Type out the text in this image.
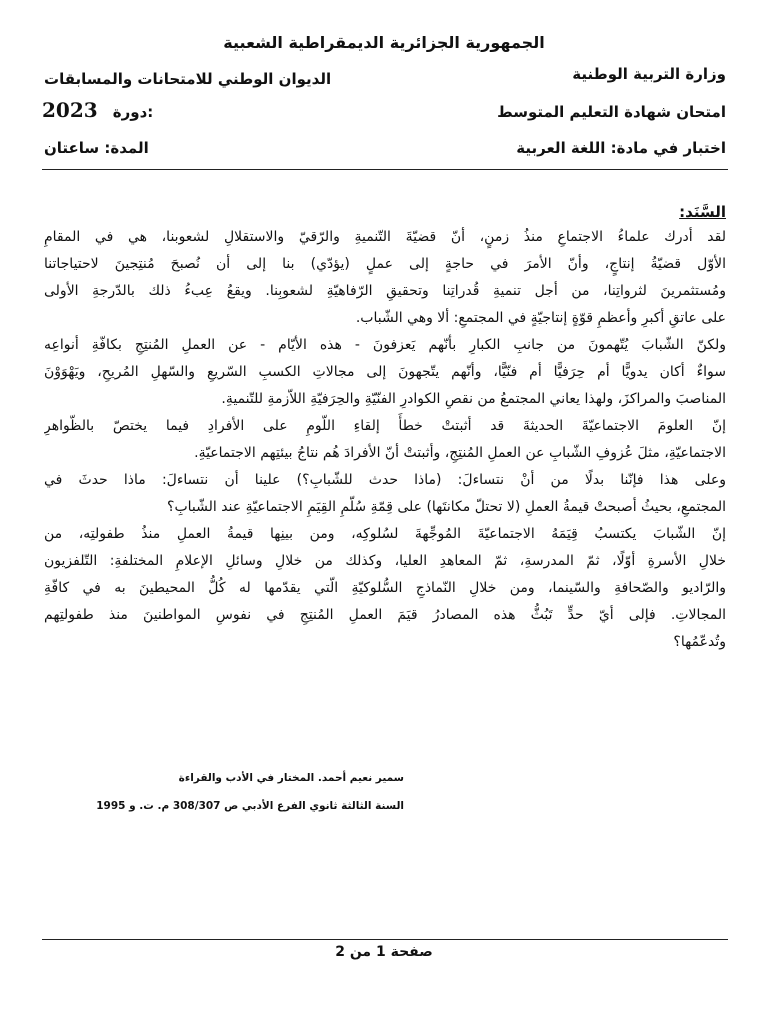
الجمهورية الجزائرية الديمقراطية الشعبية
وزارة التربية الوطنية
الديوان الوطني للامتحانات والمسابقات
امتحان شهادة التعليم المتوسط
2023 دورة:
اختبار في مادة: اللغة العربية
المدة: ساعتان
السَّنَد:
لقد أدرك علماءُ الاجتماعِ منذُ زمنٍ، أنّ قضيّةَ التّنميةِ والرّقيّ والاستقلالِ لشعوبنا، هي في المقامِ
الأوّل قضيّةُ إنتاجٍ، وأنّ الأمرَ في حاجةٍ إلى عملٍ (يؤدّي) بنا إلى أن نُصبحَ مُنتِجينَ لاحتياجاتنا
ومُستثمرينَ لثرواتِنا، من أجل تنميةِ قُدراتِنا وتحقيقِ الرّفاهيّةِ لشعوبِنا. ويقعُ عِبءُ ذلك بالدّرجةِ الأولى
على عاتقِ أكبرِ وأعظمِ قوّةٍ إنتاجيّةٍ في المجتمعِ: ألا وهي الشّباب.
ولكنّ الشّبابَ يُتّهمونَ من جانبِ الكبارِ بأنّهم يَعزفونَ - هذه الأيّام - عن العملِ المُنتِجِ بكافّةِ أنواعِه
سواءٌ أكان يدويًّا أم حِرَفيًّا أم فنّيًّا، وأنّهم يتّجهونَ إلى مجالاتِ الكسبِ السّريعِ والسّهلِ المُريحِ، ويَهْوَوْنَ
المناصبَ والمراكزَ، ولهذا يعاني المجتمعُ من نقصِ الكوادرِ الفنّيّةِ والحِرَفيّةِ اللاّزمةِ للتّنميةِ.
إنّ العلومَ الاجتماعيّةَ الحديثةَ قد أثبتتْ خطأَ إلقاءِ اللّومِ على الأفرادِ فيما يختصّ بالظّواهرِ
الاجتماعيّةِ، مثلَ عُزوفِ الشّبابِ عن العملِ المُنتِجِ، وأثبتتْ أنّ الأفرادَ هُم نتاجُ بيئتِهم الاجتماعيّةِ.
وعلى هذا فإنّنا بدلًا من أنْ نتساءلَ: (ماذا حدث للشّبابِ؟) علينا أن نتساءلَ: ماذا حدثَ في
المجتمعِ، بحيثُ أصبحتْ قيمةُ العملِ (لا تحتلّ مكانتَها) على قِمّةِ سُلّمِ القِيَمِ الاجتماعيّةِ عند الشّبابِ؟
إنّ الشّبابَ يكتسبُ قِيَمَهُ الاجتماعيّةَ المُوجِّهةَ لسُلوكِه، ومن بينِها قيمةُ العملِ منذُ طفولتِه، من
خلالِ الأسرةِ أوّلًا، ثمّ المدرسةِ، ثمّ المعاهدِ العليا، وكذلك من خلالِ وسائلِ الإعلامِ المختلفةِ: التّلفزيون
والرّاديو والصّحافةِ والسّينما، ومن خلالِ النّماذجِ السُّلوكيّةِ الّتي يقدّمها له كُلُّ المحيطينَ به في كافّةِ
المجالاتِ. فإلى أيّ حدٍّ تَبُثُّ هذه المصادرُ قيَمَ العملِ المُنتِجِ في نفوسِ المواطنينَ منذ طفولتِهم
وتُدعّمُها؟
سمير نعيم أحمد. المختار في الأدب والقراءة
السنة الثالثة ثانوي الفرع الأدبي ص 308/307 م. ت. و 1995
صفحة 1 من 2
